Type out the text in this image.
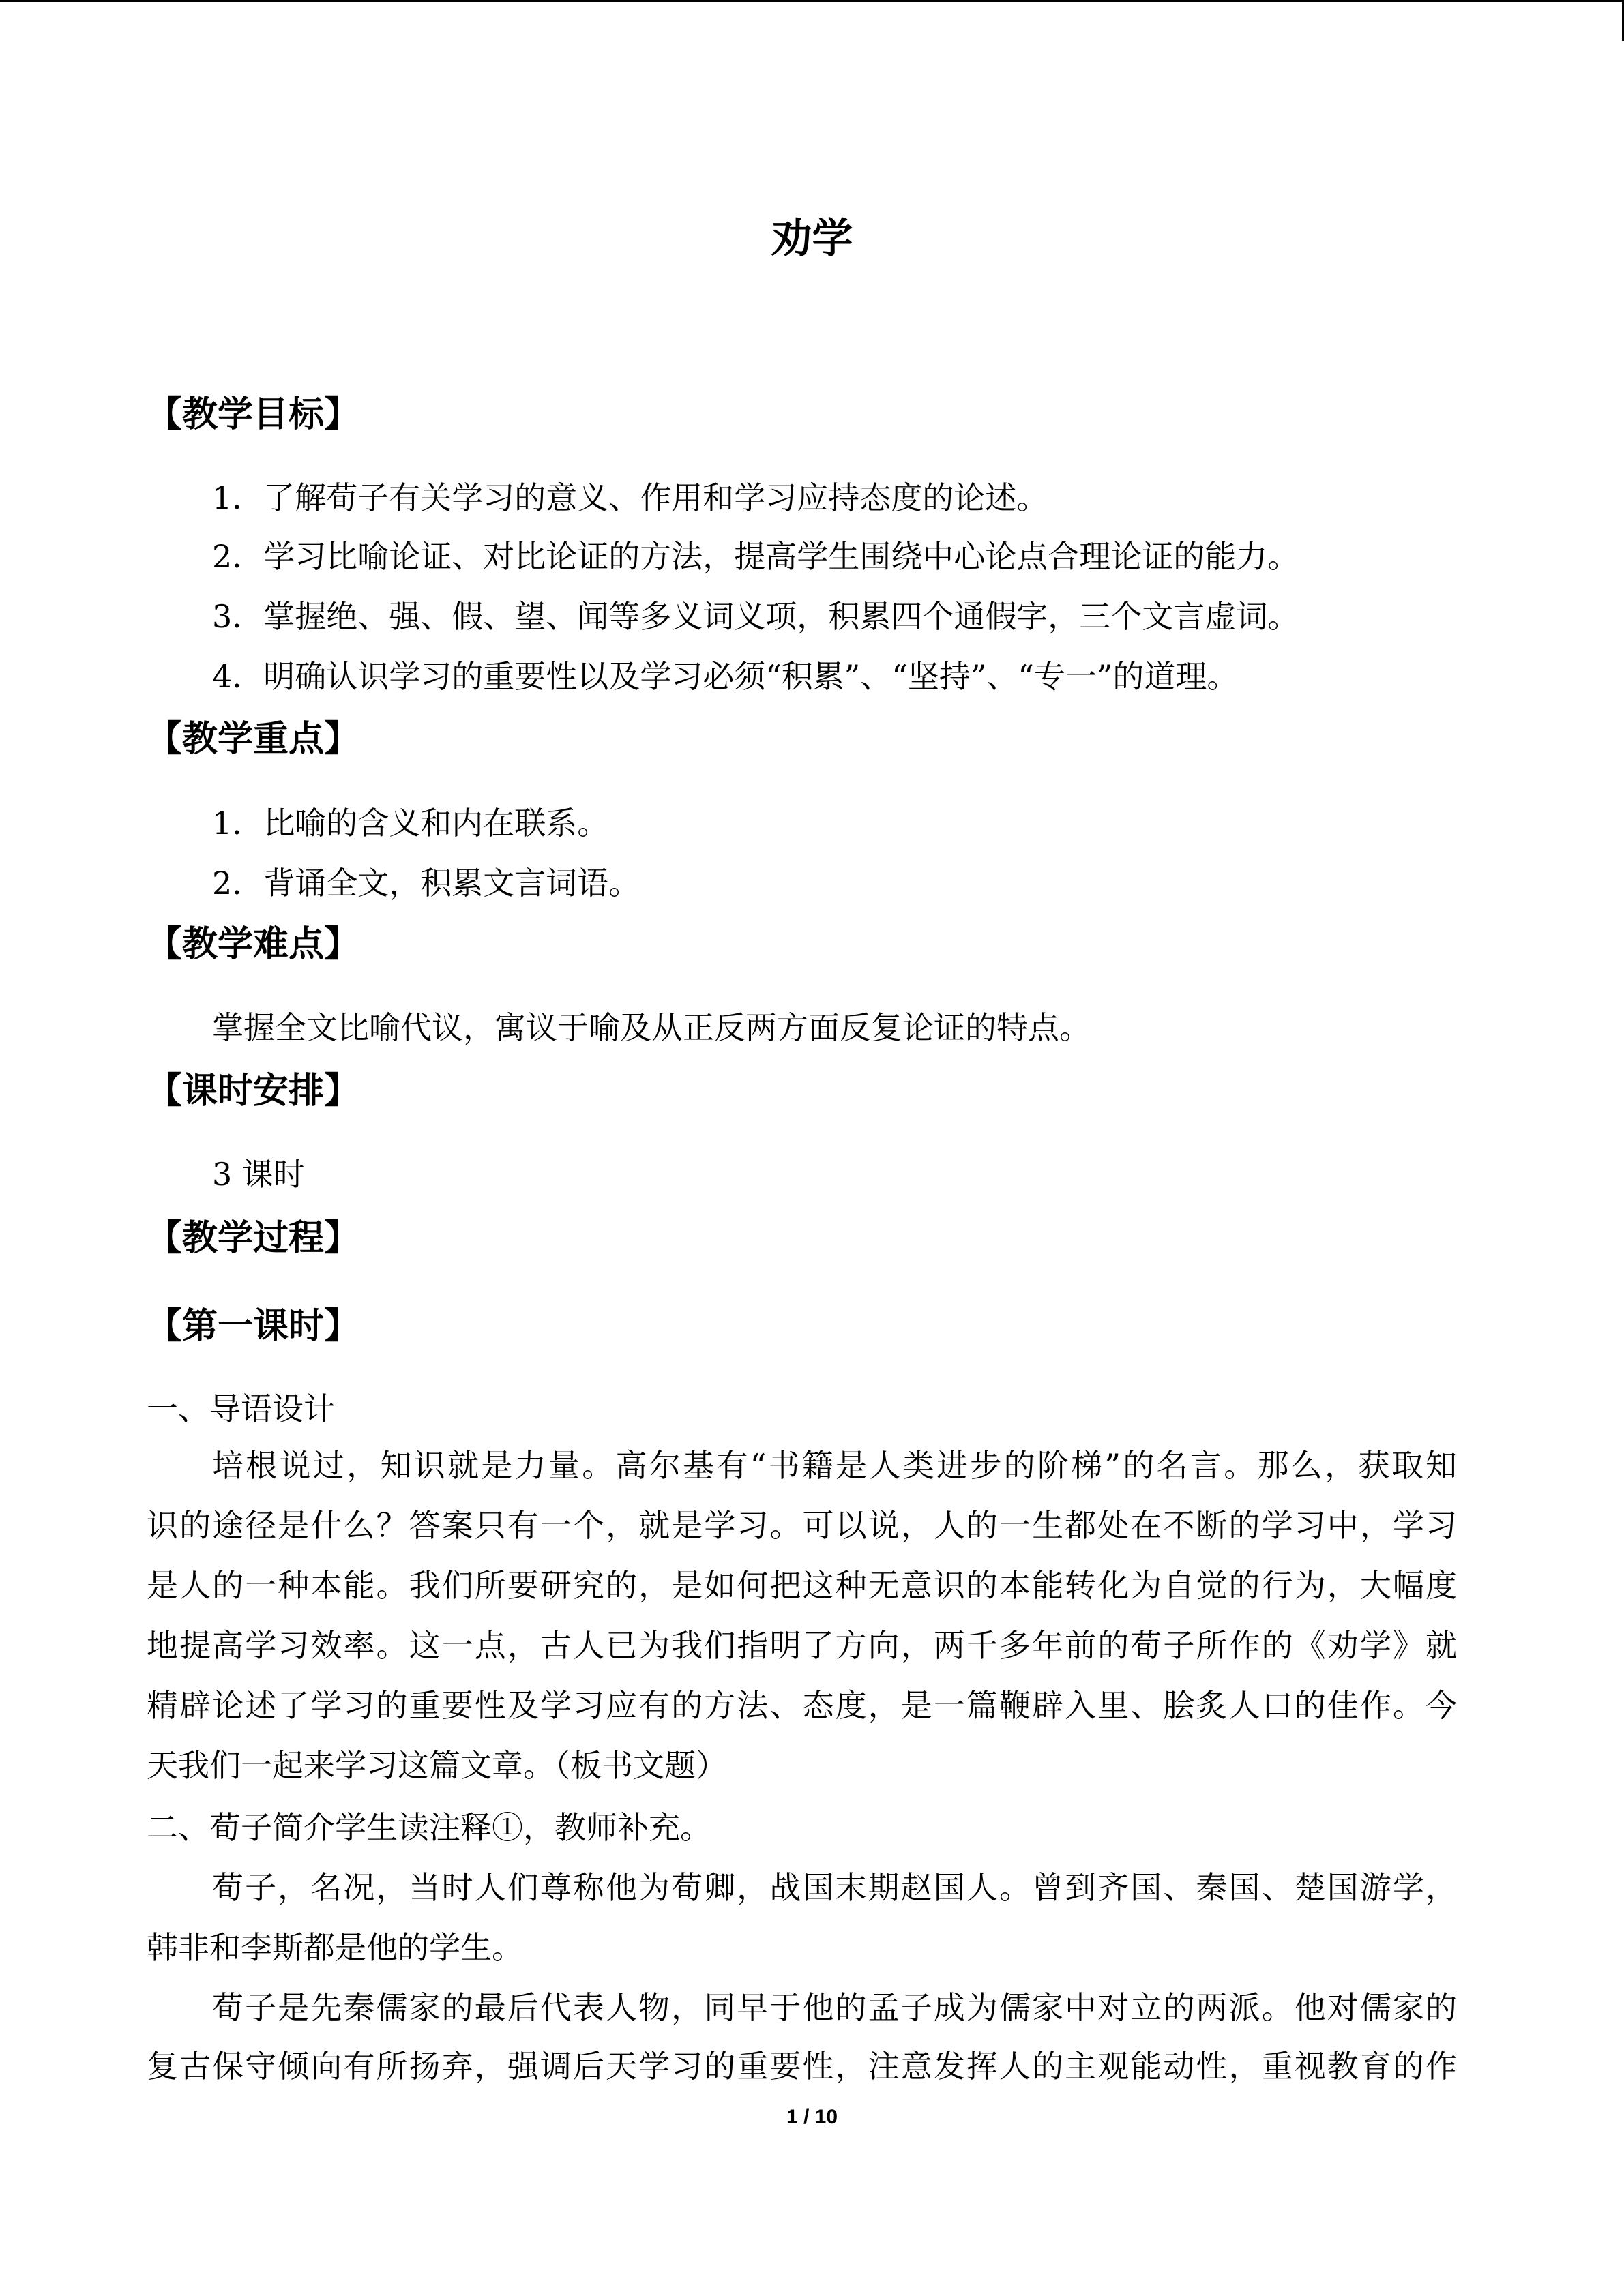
劝学
【教学目标】
1．了解荀子有关学习的意义、作用和学习应持态度的论述。
2．学习比喻论证、对比论证的方法，提高学生围绕中心论点合理论证的能力。
3．掌握绝、强、假、望、闻等多义词义项，积累四个通假字，三个文言虚词。
4．明确认识学习的重要性以及学习必须“积累”、“坚持”、“专一”的道理。
【教学重点】
1．比喻的含义和内在联系。
2．背诵全文，积累文言词语。
【教学难点】
掌握全文比喻代议，寓议于喻及从正反两方面反复论证的特点。
【课时安排】
3 课时
【教学过程】
【第一课时】
一、导语设计
培根说过，知识就是力量。高尔基有“书籍是人类进步的阶梯”的名言。那么，获取知
识的途径是什么？答案只有一个，就是学习。可以说，人的一生都处在不断的学习中，学习
是人的一种本能。我们所要研究的，是如何把这种无意识的本能转化为自觉的行为，大幅度
地提高学习效率。这一点，古人已为我们指明了方向，两千多年前的荀子所作的《劝学》就
精辟论述了学习的重要性及学习应有的方法、态度，是一篇鞭辟入里、脍炙人口的佳作。今
天我们一起来学习这篇文章。（板书文题）
二、荀子简介学生读注释①，教师补充。
荀子，名况，当时人们尊称他为荀卿，战国末期赵国人。曾到齐国、秦国、楚国游学，
韩非和李斯都是他的学生。
荀子是先秦儒家的最后代表人物，同早于他的孟子成为儒家中对立的两派。他对儒家的
复古保守倾向有所扬弃，强调后天学习的重要性，注意发挥人的主观能动性，重视教育的作
1 / 10
